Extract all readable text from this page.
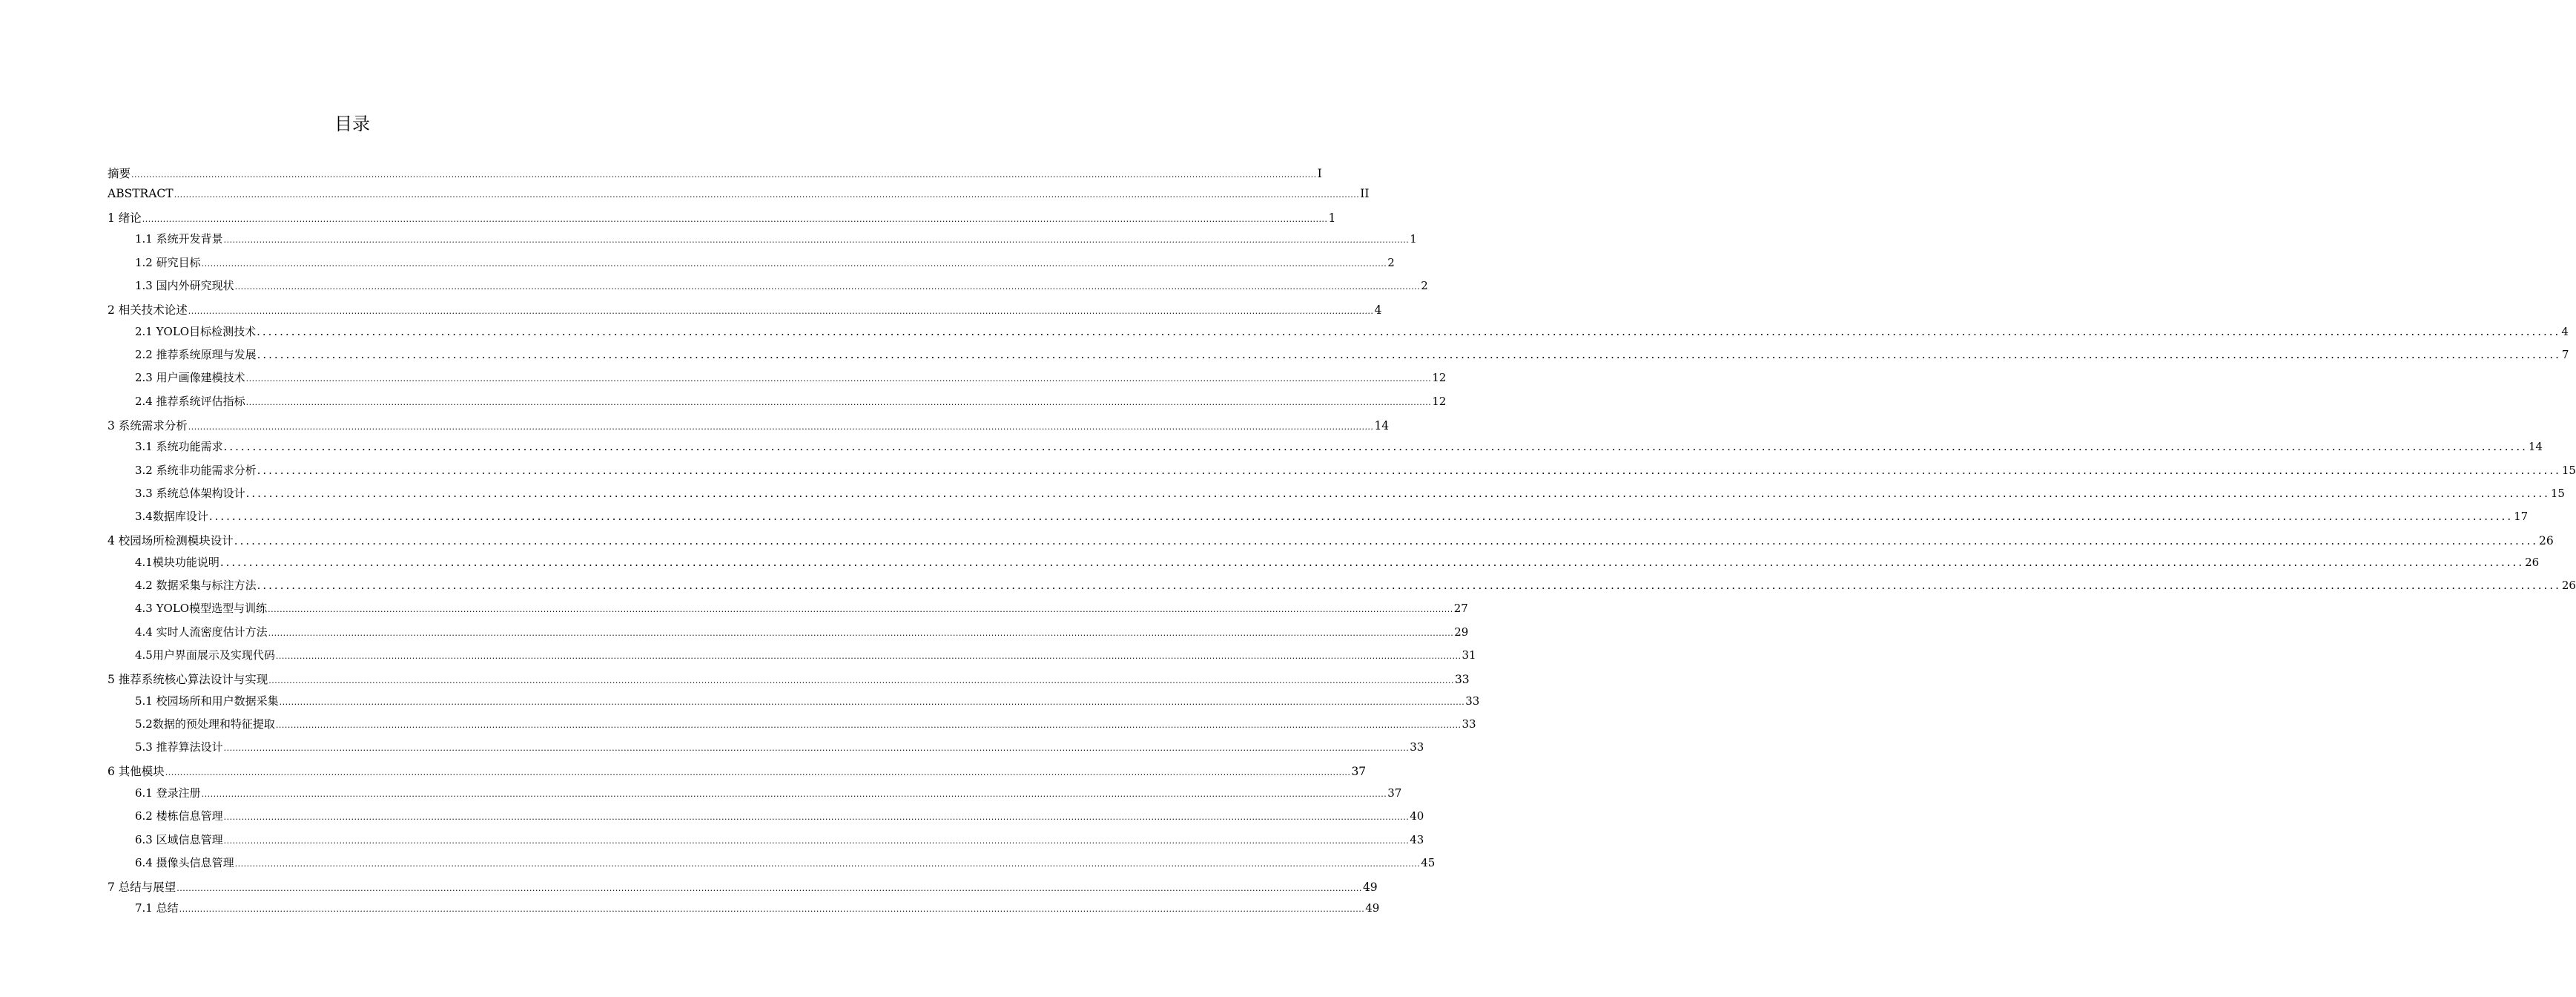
目录
摘要 ................................................................................................................................................................................................................................................................................................................................................................................................................ I
ABSTRACT ................................................................................................................................................................................................................................................................................................................................................................................................................ II
1 绪论 ................................................................................................................................................................................................................................................................................................................................................................................................................ 1
1.1 系统开发背景 ................................................................................................................................................................................................................................................................................................................................................................................................................ 1
1.2 研究目标 ................................................................................................................................................................................................................................................................................................................................................................................................................ 2
1.3 国内外研究现状 ................................................................................................................................................................................................................................................................................................................................................................................................................ 2
2 相关技术论述 ................................................................................................................................................................................................................................................................................................................................................................................................................ 4
2.1 YOLO目标检测技术 ................................................................................................................................................................................................................................................................................................................................................................................................................ 4
2.2 推荐系统原理与发展 ................................................................................................................................................................................................................................................................................................................................................................................................................ 7
2.3 用户画像建模技术 ................................................................................................................................................................................................................................................................................................................................................................................................................ 12
2.4 推荐系统评估指标 ................................................................................................................................................................................................................................................................................................................................................................................................................ 12
3 系统需求分析 ................................................................................................................................................................................................................................................................................................................................................................................................................ 14
3.1 系统功能需求 ................................................................................................................................................................................................................................................................................................................................................................................................................ 14
3.2 系统非功能需求分析 ................................................................................................................................................................................................................................................................................................................................................................................................................ 15
3.3 系统总体架构设计 ................................................................................................................................................................................................................................................................................................................................................................................................................ 15
3.4数据库设计 ................................................................................................................................................................................................................................................................................................................................................................................................................ 17
4 校园场所检测模块设计 ................................................................................................................................................................................................................................................................................................................................................................................................................ 26
4.1模块功能说明 ................................................................................................................................................................................................................................................................................................................................................................................................................ 26
4.2 数据采集与标注方法 ................................................................................................................................................................................................................................................................................................................................................................................................................ 26
4.3 YOLO模型选型与训练 ................................................................................................................................................................................................................................................................................................................................................................................................................ 27
4.4 实时人流密度估计方法 ................................................................................................................................................................................................................................................................................................................................................................................................................ 29
4.5用户界面展示及实现代码 ................................................................................................................................................................................................................................................................................................................................................................................................................ 31
5 推荐系统核心算法设计与实现 ................................................................................................................................................................................................................................................................................................................................................................................................................ 33
5.1 校园场所和用户数据采集 ................................................................................................................................................................................................................................................................................................................................................................................................................ 33
5.2数据的预处理和特征提取 ................................................................................................................................................................................................................................................................................................................................................................................................................ 33
5.3 推荐算法设计 ................................................................................................................................................................................................................................................................................................................................................................................................................ 33
6 其他模块 ................................................................................................................................................................................................................................................................................................................................................................................................................ 37
6.1 登录注册 ................................................................................................................................................................................................................................................................................................................................................................................................................ 37
6.2 楼栋信息管理 ................................................................................................................................................................................................................................................................................................................................................................................................................ 40
6.3 区域信息管理 ................................................................................................................................................................................................................................................................................................................................................................................................................ 43
6.4 摄像头信息管理 ................................................................................................................................................................................................................................................................................................................................................................................................................ 45
7 总结与展望 ................................................................................................................................................................................................................................................................................................................................................................................................................ 49
7.1 总结 ................................................................................................................................................................................................................................................................................................................................................................................................................ 49
